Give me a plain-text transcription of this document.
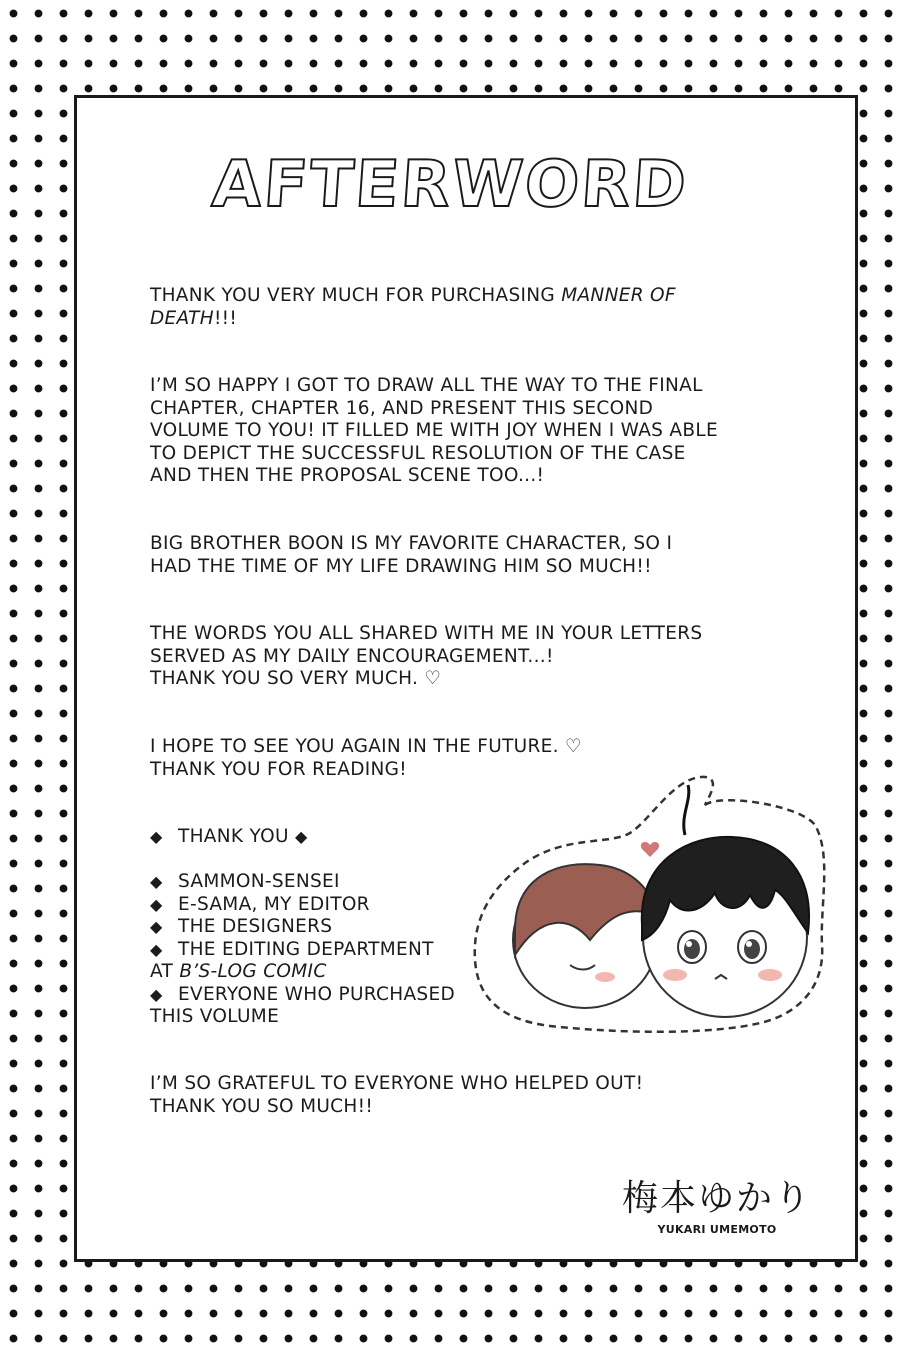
AFTERWORD

THANK YOU VERY MUCH FOR PURCHASING MANNER OF

DEATH!!!

I’M SO HAPPY I GOT TO DRAW ALL THE WAY TO THE FINAL

CHAPTER, CHAPTER 16, AND PRESENT THIS SECOND

VOLUME TO YOU! IT FILLED ME WITH JOY WHEN I WAS ABLE

TO DEPICT THE SUCCESSFUL RESOLUTION OF THE CASE

AND THEN THE PROPOSAL SCENE TOO...!

BIG BROTHER BOON IS MY FAVORITE CHARACTER, SO I

HAD THE TIME OF MY LIFE DRAWING HIM SO MUCH!!

THE WORDS YOU ALL SHARED WITH ME IN YOUR LETTERS

SERVED AS MY DAILY ENCOURAGEMENT...!

THANK YOU SO VERY MUCH. ♡

I HOPE TO SEE YOU AGAIN IN THE FUTURE. ♡

THANK YOU FOR READING!

◆ THANK YOU ◆

◆ SAMMON-SENSEI

◆ E-SAMA, MY EDITOR

◆ THE DESIGNERS

◆ THE EDITING DEPARTMENT

AT B’S-LOG COMIC

◆ EVERYONE WHO PURCHASED

THIS VOLUME

I’M SO GRATEFUL TO EVERYONE WHO HELPED OUT!

THANK YOU SO MUCH!!

梅本ゆかり
YUKARI UMEMOTO
